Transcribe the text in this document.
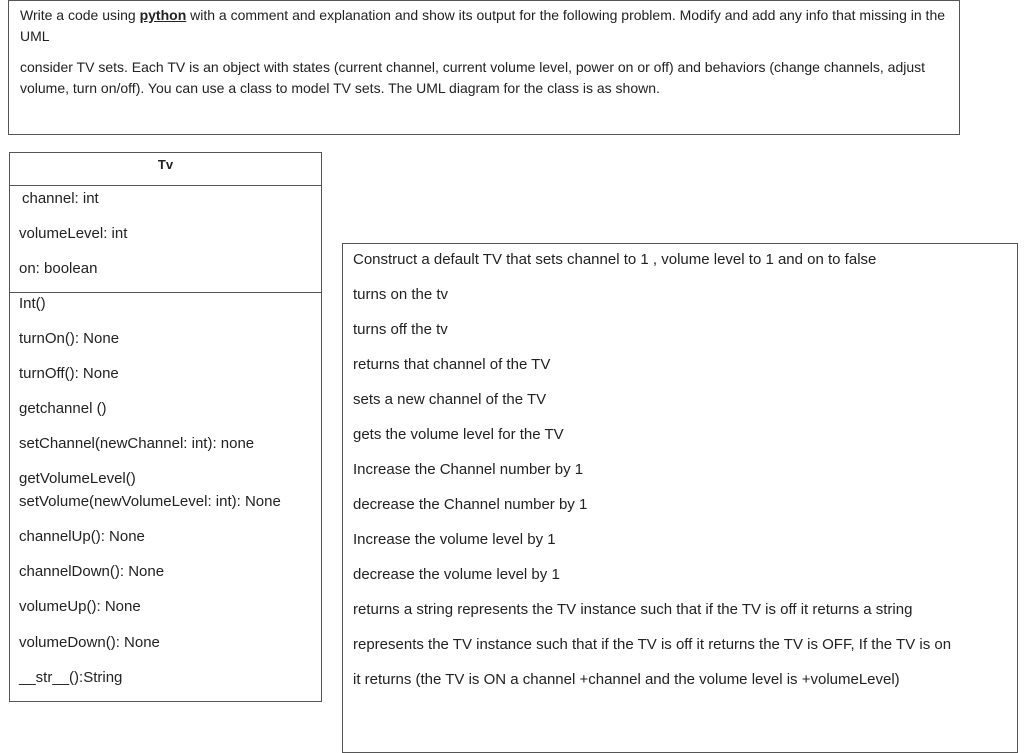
Write a code using python with a comment and explanation and show its output for the following problem. Modify and add any info that missing in the UML

consider TV sets. Each TV is an object with states (current channel, current volume level, power on or off) and behaviors (change channels, adjust volume, turn on/off). You can use a class to model TV sets. The UML diagram for the class is as shown.

Tv
channel: int
volumeLevel: int
on: boolean
Int()
turnOn(): None
turnOff(): None
getchannel ()
setChannel(newChannel: int): none
getVolumeLevel()
setVolume(newVolumeLevel: int): None
channelUp(): None
channelDown(): None
volumeUp(): None
volumeDown(): None
__str__():String
Construct a default TV that sets channel to 1 , volume level to 1 and on to false
turns on the tv
turns off the tv
returns that channel of the TV
sets a new channel of the TV
gets the volume level for the TV
Increase the Channel number by 1
decrease the Channel number by 1
Increase the volume level by 1
decrease the volume level by 1
returns a string represents the TV instance such that if the TV is off it returns a string
represents the TV instance such that if the TV is off it returns the TV is OFF, If the TV is on
it returns (the TV is ON a channel +channel and the volume level is +volumeLevel)
